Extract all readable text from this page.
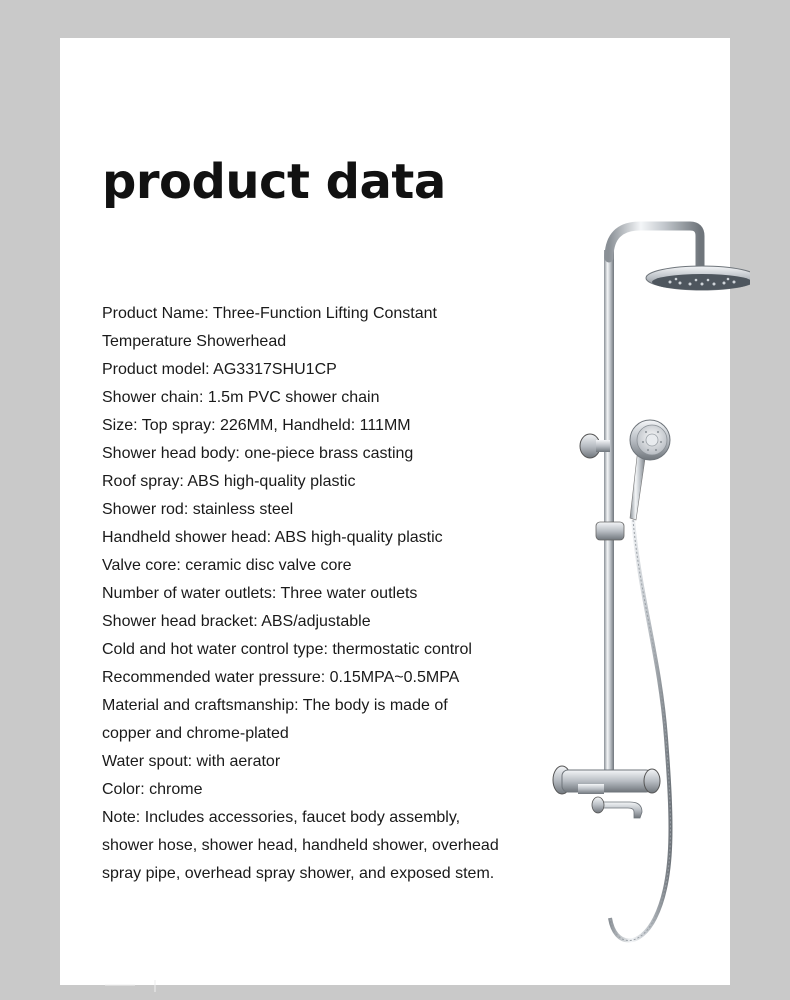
product data
Product Name: Three-Function Lifting Constant
Temperature Showerhead
Product model: AG3317SHU1CP
Shower chain: 1.5m PVC shower chain
Size: Top spray: 226MM, Handheld: 111MM
Shower head body: one-piece brass casting
Roof spray: ABS high-quality plastic
Shower rod: stainless steel
Handheld shower head: ABS high-quality plastic
Valve core: ceramic disc valve core
Number of water outlets: Three water outlets
Shower head bracket: ABS/adjustable
Cold and hot water control type: thermostatic control
Recommended water pressure: 0.15MPA~0.5MPA
Material and craftsmanship: The body is made of
copper and chrome-plated
Water spout: with aerator
Color: chrome
Note: Includes accessories, faucet body assembly,
shower hose, shower head, handheld shower, overhead
spray pipe, overhead spray shower, and exposed stem.
